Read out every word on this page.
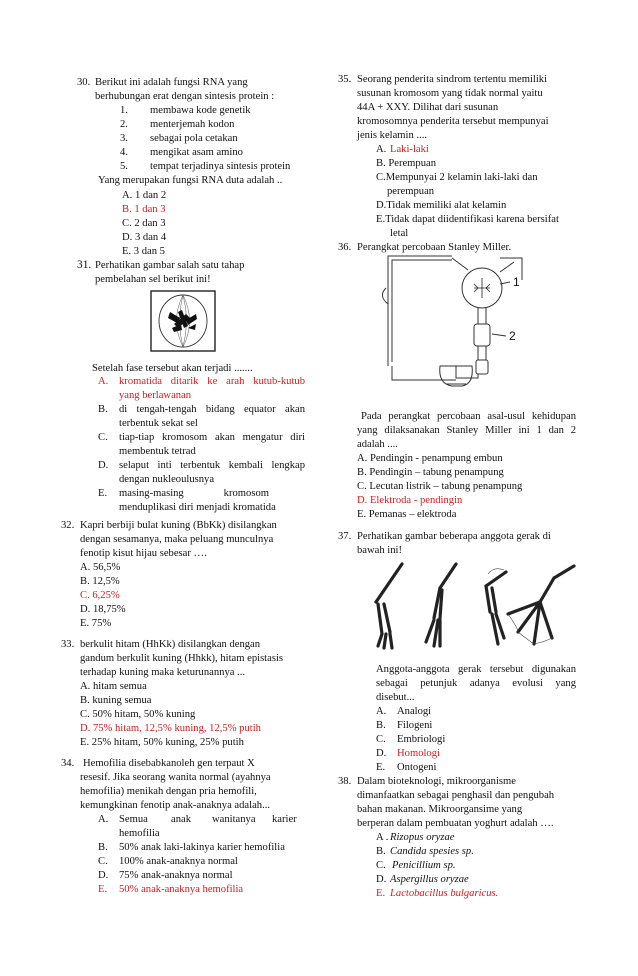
30. Berikut ini adalah fungsi RNA yang
berhubungan erat dengan sintesis protein :
1. membawa kode genetik
2. menterjemah kodon
3. sebagai pola cetakan
4. mengikat asam amino
5. tempat terjadinya sintesis protein
Yang merupakan fungsi RNA duta adalah ..
A. 1 dan 2
B. 1 dan 3
C. 2 dan 3
D. 3 dan 4
E. 3 dan 5
31. Perhatikan gambar salah satu tahap
pembelahan sel berikut ini!
Setelah fase tersebut akan terjadi .......
A. kromatida ditarik ke arah kutub-kutub
yang berlawanan
B. di tengah-tengah bidang equator akan
terbentuk sekat sel
C. tiap-tiap kromosom akan mengatur diri
membentuk tetrad
D. selaput inti terbentuk kembali lengkap
dengan nukleoulusnya
E. masing-masing kromosom
menduplikasi diri menjadi kromatida
32. Kapri berbiji bulat kuning (BbKk) disilangkan
dengan sesamanya, maka peluang munculnya
fenotip kisut hijau sebesar ….
A. 56,5%
B. 12,5%
C. 6,25%
D. 18,75%
E. 75%
33. berkulit hitam (HhKk) disilangkan dengan
gandum berkulit kuning (Hhkk), hitam epistasis
terhadap kuning maka keturunannya ...
A. hitam semua
B. kuning semua
C. 50% hitam, 50% kuning
D. 75% hitam, 12,5% kuning, 12,5% putih
E. 25% hitam, 50% kuning, 25% putih
34. Hemofilia disebabkanoleh gen terpaut X
resesif. Jika seorang wanita normal (ayahnya
hemofilia) menikah dengan pria hemofili,
kemungkinan fenotip anak-anaknya adalah...
A. Semua anak wanitanya karier
hemofilia
B. 50% anak laki-lakinya karier hemofilia
C. 100% anak-anaknya normal
D. 75% anak-anaknya normal
E. 50% anak-anaknya hemofilia
35. Seorang penderita sindrom tertentu memiliki
susunan kromosom yang tidak normal yaitu
44A + XXY. Dilihat dari susunan
kromosomnya penderita tersebut mempunyai
jenis kelamin ....
A. Laki-laki
B. Perempuan
C.Mempunyai 2 kelamin laki-laki dan
perempuan
D.Tidak memiliki alat kelamin
E.Tidak dapat diidentifikasi karena bersifat
letal
36. Perangkat percobaan Stanley Miller.
1
2
Pada perangkat percobaan asal-usul kehidupan
yang dilaksanakan Stanley Miller ini 1 dan 2
adalah ....
A. Pendingin - penampung embun
B. Pendingin – tabung penampung
C. Lecutan listrik – tabung penampung
D. Elektroda - pendingin
E. Pemanas – elektroda
37. Perhatikan gambar beberapa anggota gerak di
bawah ini!
Anggota-anggota gerak tersebut digunakan
sebagai petunjuk adanya evolusi yang
disebut...
A. Analogi
B. Filogeni
C. Embriologi
D. Homologi
E. Ontogeni
38. Dalam bioteknologi, mikroorganisme
dimanfaatkan sebagai penghasil dan pengubah
bahan makanan. Mikroorgansime yang
berperan dalam pembuatan yoghurt adalah ….
A . Rizopus oryzae
B. Candida spesies sp.
C. Penicillium sp.
D. Aspergillus oryzae
E. Lactobacillus bulgaricus.
